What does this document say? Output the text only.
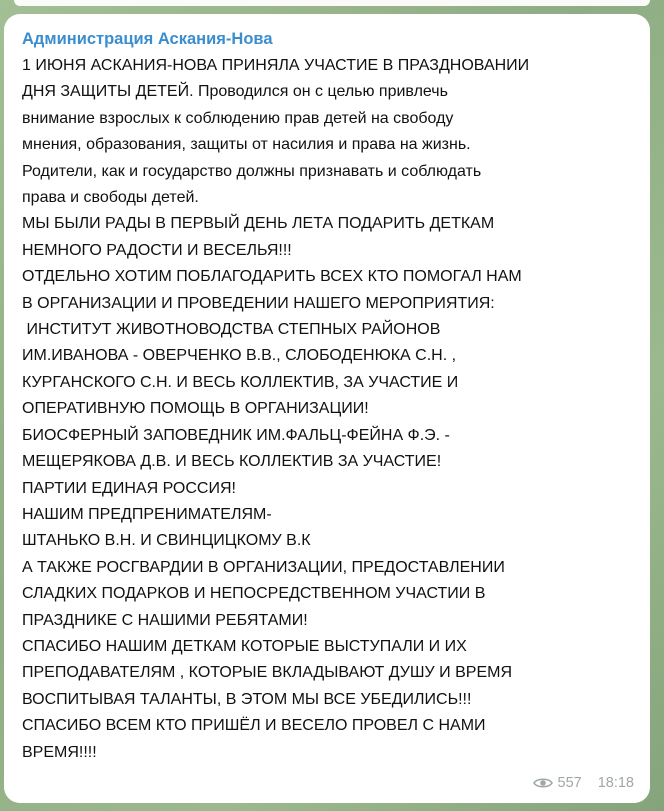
Администрация Аскания-Нова
1 ИЮНЯ АСКАНИЯ-НОВА ПРИНЯЛА УЧАСТИЕ В ПРАЗДНОВАНИИ
ДНЯ ЗАЩИТЫ ДЕТЕЙ. Проводился он с целью привлечь
внимание взрослых к соблюдению прав детей на свободу
мнения, образования, защиты от насилия и права на жизнь.
Родители, как и государство должны признавать и соблюдать
права и свободы детей.
МЫ БЫЛИ РАДЫ В ПЕРВЫЙ ДЕНЬ ЛЕТА ПОДАРИТЬ ДЕТКАМ
НЕМНОГО РАДОСТИ И ВЕСЕЛЬЯ!!!
ОТДЕЛЬНО ХОТИМ ПОБЛАГОДАРИТЬ ВСЕХ КТО ПОМОГАЛ НАМ
В ОРГАНИЗАЦИИ И ПРОВЕДЕНИИ НАШЕГО МЕРОПРИЯТИЯ:
ИНСТИТУТ ЖИВОТНОВОДСТВА СТЕПНЫХ РАЙОНОВ
ИМ.ИВАНОВА - ОВЕРЧЕНКО В.В., СЛОБОДЕНЮКА С.Н. ,
КУРГАНСКОГО С.Н. И ВЕСЬ КОЛЛЕКТИВ, ЗА УЧАСТИЕ И
ОПЕРАТИВНУЮ ПОМОЩЬ В ОРГАНИЗАЦИИ!
БИОСФЕРНЫЙ ЗАПОВЕДНИК ИМ.ФАЛЬЦ-ФЕЙНА Ф.Э. -
МЕЩЕРЯКОВА Д.В. И ВЕСЬ КОЛЛЕКТИВ ЗА УЧАСТИЕ!
ПАРТИИ ЕДИНАЯ РОССИЯ!
НАШИМ ПРЕДПРЕНИМАТЕЛЯМ-
ШТАНЬКО В.Н. И СВИНЦИЦКОМУ В.К
А ТАКЖЕ РОСГВАРДИИ В ОРГАНИЗАЦИИ, ПРЕДОСТАВЛЕНИИ
СЛАДКИХ ПОДАРКОВ И НЕПОСРЕДСТВЕННОМ УЧАСТИИ В
ПРАЗДНИКЕ С НАШИМИ РЕБЯТАМИ!
СПАСИБО НАШИМ ДЕТКАМ КОТОРЫЕ ВЫСТУПАЛИ И ИХ
ПРЕПОДАВАТЕЛЯМ , КОТОРЫЕ ВКЛАДЫВАЮТ ДУШУ И ВРЕМЯ
ВОСПИТЫВАЯ ТАЛАНТЫ, В ЭТОМ МЫ ВСЕ УБЕДИЛИСЬ!!!
СПАСИБО ВСЕМ КТО ПРИШЁЛ И ВЕСЕЛО ПРОВЕЛ С НАМИ
ВРЕМЯ!!!!
557 18:18
